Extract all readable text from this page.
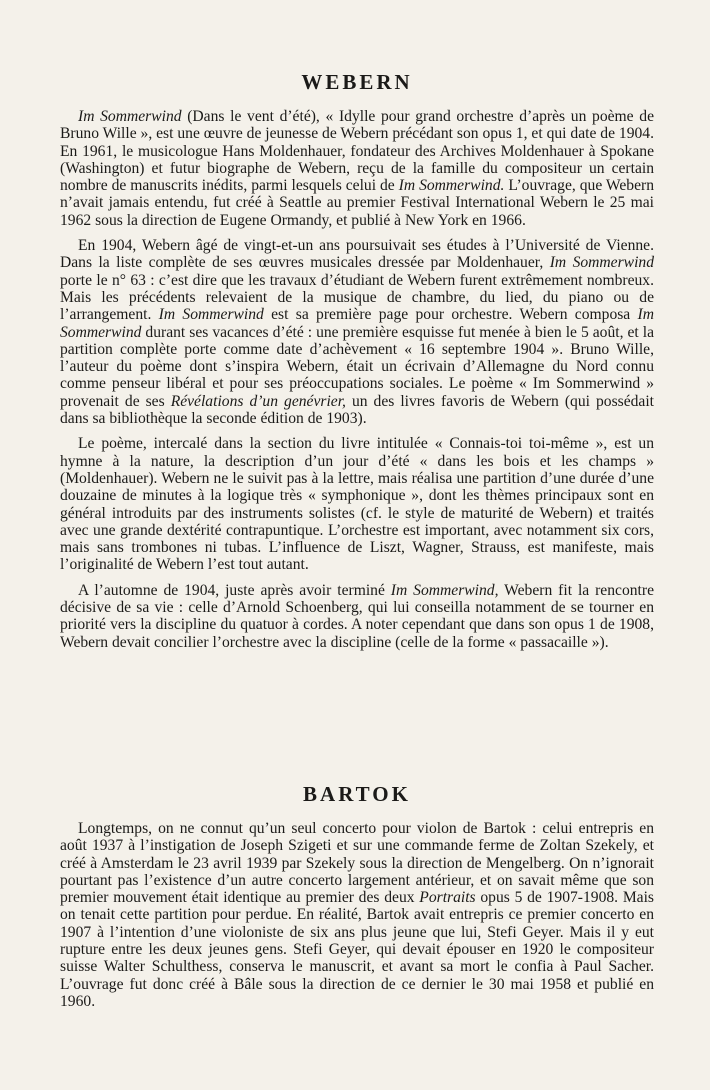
WEBERN

Im Sommerwind (Dans le vent d’été), « Idylle pour grand orchestre d’après un poème de Bruno Wille », est une œuvre de jeunesse de Webern précédant son opus 1, et qui date de 1904. En 1961, le musicologue Hans Moldenhauer, fondateur des Archives Moldenhauer à Spokane (Washington) et futur biographe de Webern, reçu de la famille du compositeur un certain nombre de manuscrits inédits, parmi lesquels celui de Im Sommerwind. L’ouvrage, que Webern n’avait jamais entendu, fut créé à Seattle au premier Festival International Webern le 25 mai 1962 sous la direction de Eugene Ormandy, et publié à New York en 1966.

En 1904, Webern âgé de vingt-et-un ans poursuivait ses études à l’Université de Vienne. Dans la liste complète de ses œuvres musicales dressée par Moldenhauer, Im Sommerwind porte le n° 63 : c’est dire que les travaux d’étudiant de Webern furent extrêmement nombreux. Mais les précédents relevaient de la musique de chambre, du lied, du piano ou de l’arrangement. Im Sommerwind est sa première page pour orchestre. Webern composa Im Sommerwind durant ses vacances d’été : une première esquisse fut menée à bien le 5 août, et la partition complète porte comme date d’achèvement « 16 septembre 1904 ». Bruno Wille, l’auteur du poème dont s’inspira Webern, était un écrivain d’Allemagne du Nord connu comme penseur libéral et pour ses préoccupations sociales. Le poème « Im Sommerwind » provenait de ses Révélations d’un genévrier, un des livres favoris de Webern (qui possédait dans sa bibliothèque la seconde édition de 1903).

Le poème, intercalé dans la section du livre intitulée « Connais-toi toi-même », est un hymne à la nature, la description d’un jour d’été « dans les bois et les champs » (Moldenhauer). Webern ne le suivit pas à la lettre, mais réalisa une partition d’une durée d’une douzaine de minutes à la logique très « symphonique », dont les thèmes principaux sont en général introduits par des instruments solistes (cf. le style de maturité de Webern) et traités avec une grande dextérité contrapuntique. L’orchestre est important, avec notamment six cors, mais sans trombones ni tubas. L’influence de Liszt, Wagner, Strauss, est manifeste, mais l’originalité de Webern l’est tout autant.

A l’automne de 1904, juste après avoir terminé Im Sommerwind, Webern fit la rencontre décisive de sa vie : celle d’Arnold Schoenberg, qui lui conseilla notamment de se tourner en priorité vers la discipline du quatuor à cordes. A noter cependant que dans son opus 1 de 1908, Webern devait concilier l’orchestre avec la discipline (celle de la forme « passacaille »).

BARTOK

Longtemps, on ne connut qu’un seul concerto pour violon de Bartok : celui entrepris en août 1937 à l’instigation de Joseph Szigeti et sur une commande ferme de Zoltan Szekely, et créé à Amsterdam le 23 avril 1939 par Szekely sous la direction de Mengelberg. On n’ignorait pourtant pas l’existence d’un autre concerto largement antérieur, et on savait même que son premier mouvement était identique au premier des deux Portraits opus 5 de 1907-1908. Mais on tenait cette partition pour perdue. En réalité, Bartok avait entrepris ce premier concerto en 1907 à l’intention d’une violoniste de six ans plus jeune que lui, Stefi Geyer. Mais il y eut rupture entre les deux jeunes gens. Stefi Geyer, qui devait épouser en 1920 le compositeur suisse Walter Schulthess, conserva le manuscrit, et avant sa mort le confia à Paul Sacher. L’ouvrage fut donc créé à Bâle sous la direction de ce dernier le 30 mai 1958 et publié en 1960.
